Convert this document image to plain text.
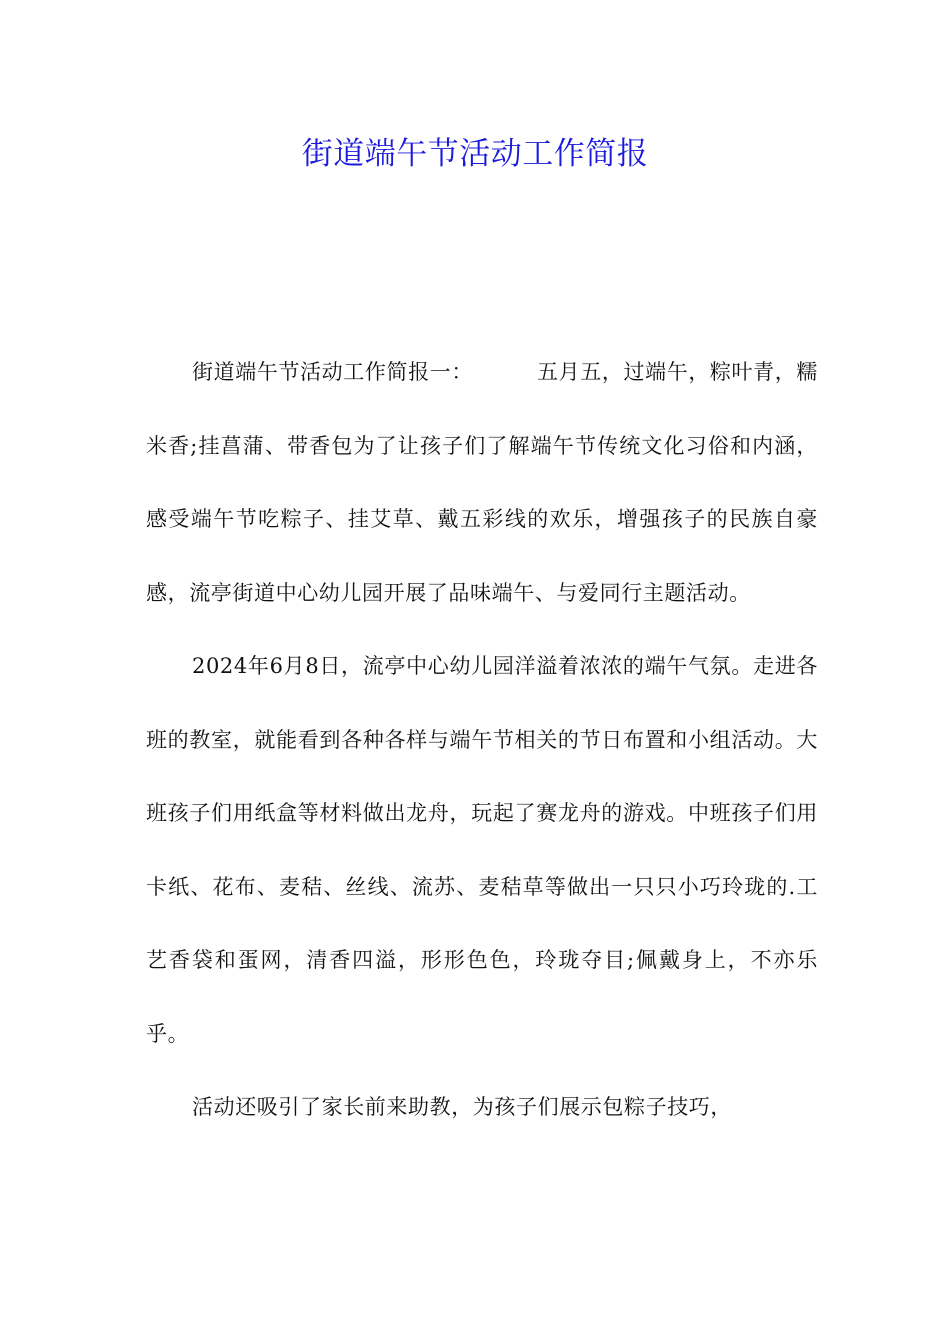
街道端午节活动工作简报

街道端午节活动工作简报一：	五月五，过端午，粽叶青，糯米香;挂菖蒲、带香包为了让孩子们了解端午节传统文化习俗和内涵，感受端午节吃粽子、挂艾草、戴五彩线的欢乐，增强孩子的民族自豪感，流亭街道中心幼儿园开展了品味端午、与爱同行主题活动。

2024年6月8日，流亭中心幼儿园洋溢着浓浓的端午气氛。走进各班的教室，就能看到各种各样与端午节相关的节日布置和小组活动。大班孩子们用纸盒等材料做出龙舟，玩起了赛龙舟的游戏。中班孩子们用卡纸、花布、麦秸、丝线、流苏、麦秸草等做出一只只小巧玲珑的.工艺香袋和蛋网，清香四溢，形形色色，玲珑夺目;佩戴身上，不亦乐乎。

活动还吸引了家长前来助教，为孩子们展示包粽子技巧，
